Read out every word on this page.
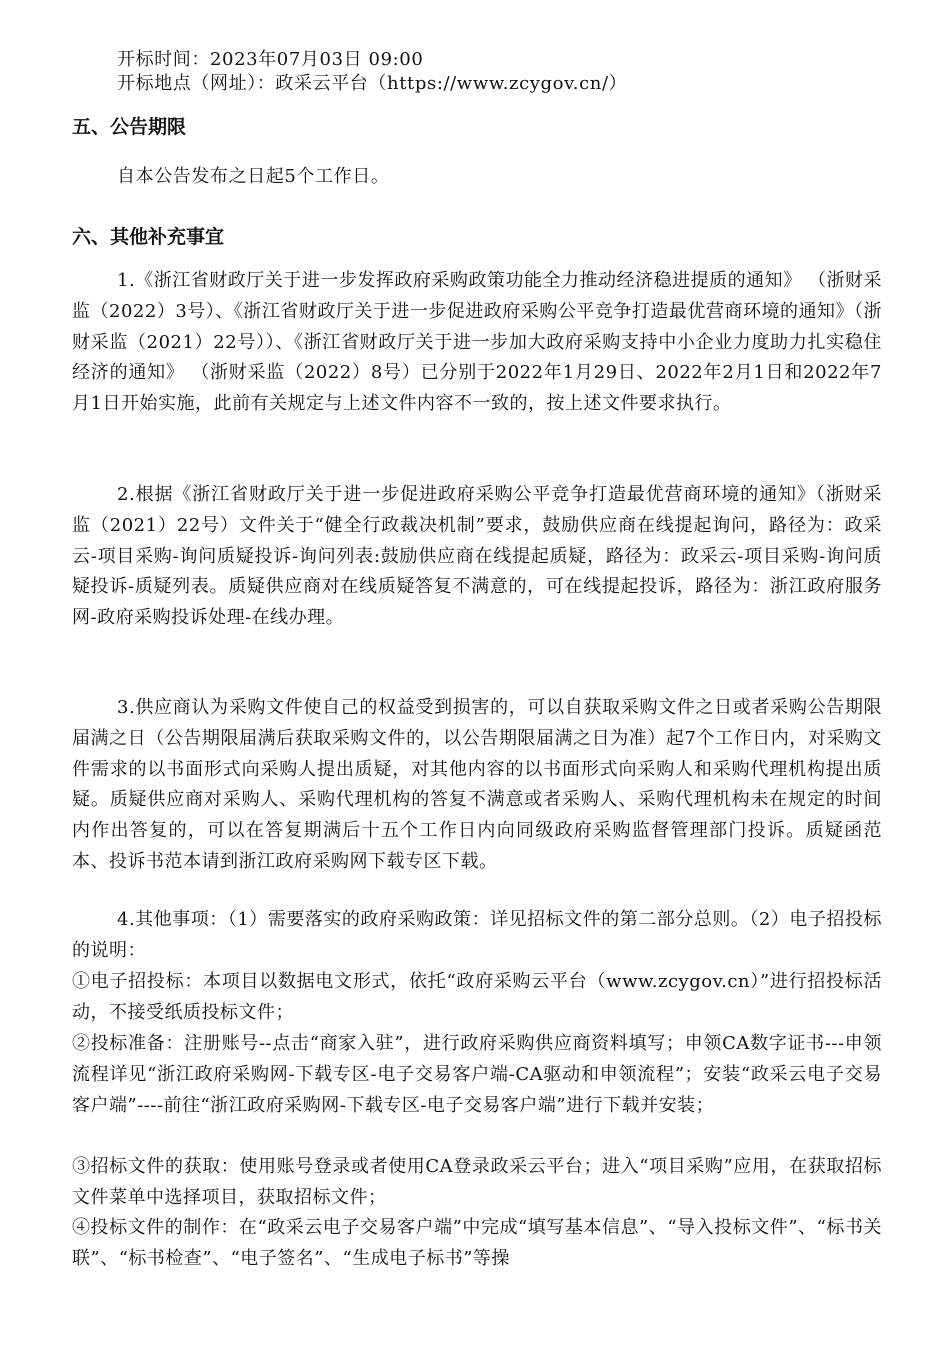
开标时间：2023年07月03日 09:00
开标地点（网址）：政采云平台（https://www.zcygov.cn/）
五、公告期限
自本公告发布之日起5个工作日。
六、其他补充事宜
1.《浙江省财政厅关于进一步发挥政府采购政策功能全力推动经济稳进提质的通知》 （浙财采监（2022）3号）、《浙江省财政厅关于进一步促进政府采购公平竞争打造最优营商环境的通知》（浙财采监（2021）22号））、《浙江省财政厅关于进一步加大政府采购支持中小企业力度助力扎实稳住经济的通知》 （浙财采监（2022）8号）已分别于2022年1月29日、2022年2月1日和2022年7月1日开始实施，此前有关规定与上述文件内容不一致的，按上述文件要求执行。
2.根据《浙江省财政厅关于进一步促进政府采购公平竞争打造最优营商环境的通知》（浙财采监（2021）22号）文件关于“健全行政裁决机制”要求，鼓励供应商在线提起询问，路径为：政采云-项目采购-询问质疑投诉-询问列表:鼓励供应商在线提起质疑，路径为：政采云-项目采购-询问质疑投诉-质疑列表。质疑供应商对在线质疑答复不满意的，可在线提起投诉，路径为：浙江政府服务网-政府采购投诉处理-在线办理。
3.供应商认为采购文件使自己的权益受到损害的，可以自获取采购文件之日或者采购公告期限届满之日（公告期限届满后获取采购文件的，以公告期限届满之日为准）起7个工作日内，对采购文件需求的以书面形式向采购人提出质疑，对其他内容的以书面形式向采购人和采购代理机构提出质疑。质疑供应商对采购人、采购代理机构的答复不满意或者采购人、采购代理机构未在规定的时间内作出答复的，可以在答复期满后十五个工作日内向同级政府采购监督管理部门投诉。质疑函范本、投诉书范本请到浙江政府采购网下载专区下载。
4.其他事项：（1）需要落实的政府采购政策：详见招标文件的第二部分总则。（2）电子招投标的说明：
①电子招投标：本项目以数据电文形式，依托“政府采购云平台（www.zcygov.cn）”进行招投标活动，不接受纸质投标文件；
②投标准备：注册账号--点击“商家入驻”，进行政府采购供应商资料填写；申领CA数字证书---申领流程详见“浙江政府采购网-下载专区-电子交易客户端-CA驱动和申领流程”；安装“政采云电子交易客户端”----前往“浙江政府采购网-下载专区-电子交易客户端”进行下载并安装；
③招标文件的获取：使用账号登录或者使用CA登录政采云平台；进入“项目采购”应用，在获取招标文件菜单中选择项目，获取招标文件；
④投标文件的制作：在“政采云电子交易客户端”中完成“填写基本信息”、“导入投标文件”、“标书关联”、“标书检查”、“电子签名”、“生成电子标书”等操
